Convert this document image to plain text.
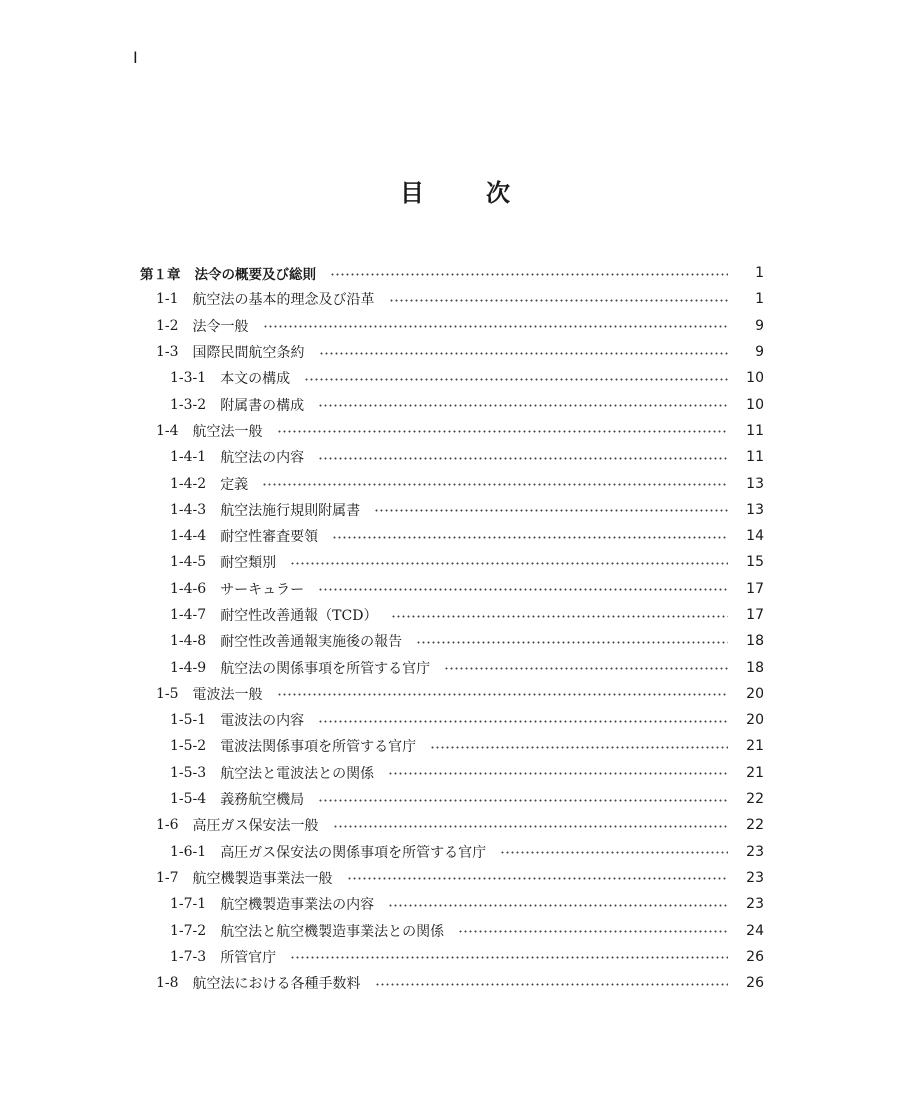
I
目	次
第１章 法令の概要及び総則	1
1-1 航空法の基本的理念及び沿革	1
1-2 法令一般	9
1-3 国際民間航空条約	9
1-3-1 本文の構成	10
1-3-2 附属書の構成	10
1-4 航空法一般	11
1-4-1 航空法の内容	11
1-4-2 定義	13
1-4-3 航空法施行規則附属書	13
1-4-4 耐空性審査要領	14
1-4-5 耐空類別	15
1-4-6 サーキュラー	17
1-4-7 耐空性改善通報（TCD）	17
1-4-8 耐空性改善通報実施後の報告	18
1-4-9 航空法の関係事項を所管する官庁	18
1-5 電波法一般	20
1-5-1 電波法の内容	20
1-5-2 電波法関係事項を所管する官庁	21
1-5-3 航空法と電波法との関係	21
1-5-4 義務航空機局	22
1-6 高圧ガス保安法一般	22
1-6-1 高圧ガス保安法の関係事項を所管する官庁	23
1-7 航空機製造事業法一般	23
1-7-1 航空機製造事業法の内容	23
1-7-2 航空法と航空機製造事業法との関係	24
1-7-3 所管官庁	26
1-8 航空法における各種手数料	26
